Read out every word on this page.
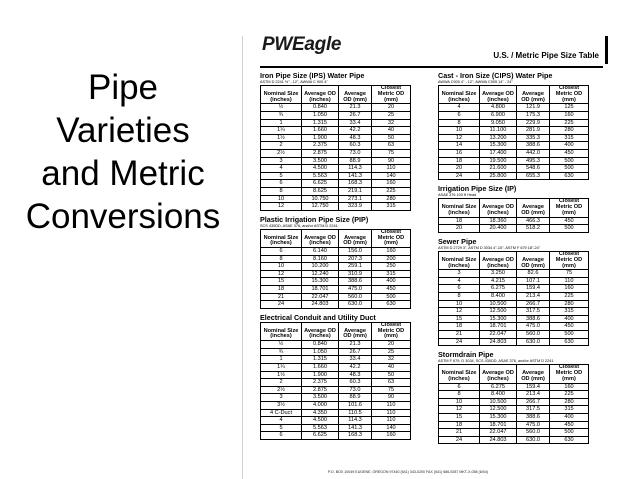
Pipe
Varieties
and Metric
Conversions
PWEagle
U.S. / Metric Pipe Size Table
Iron Pipe Size (IPS) Water Pipe
ASTM D 2241 ½" - 12", AWWA C 900 4"
Nominal Size (inches)	Average OD (inches)	Average OD (mm)	Closest Metric OD (mm)
½	0.840	21.3	20
¾	1.050	26.7	25
1	1.315	33.4	32
1¼	1.660	42.2	40
1½	1.900	48.3	50
2	2.375	60.3	63
2½	2.875	73.0	75
3	3.500	88.9	90
4	4.500	114.3	110
5	5.563	141.3	140
6	6.625	168.3	160
8	8.625	219.1	225
10	10.750	273.1	280
12	12.750	323.9	315
Plastic Irrigation Pipe Size (PIP)
SCS 430DD, ASAE 376, and/or ASTM D 2241
Nominal Size (inches)	Average OD (inches)	Average OD (mm)	Closest Metric OD (mm)
6	6.140	156.0	160
8	8.160	207.3	200
10	10.200	259.1	250
12	12.240	310.9	315
15	15.300	388.6	400
18	18.701	475.0	450
21	22.047	560.0	500
24	24.803	630.0	630
Electrical Conduit and Utility Duct
Nominal Size (inches)	Average OD (inches)	Average OD (mm)	Closest Metric OD (mm)
½	0.840	21.3	20
¾	1.050	26.7	25
1	1.315	33.4	32
1¼	1.660	42.2	40
1½	1.900	48.3	50
2	2.375	60.3	63
2½	2.875	73.0	75
3	3.500	88.9	90
3½	4.000	101.6	110
4 C-Duct	4.350	110.5	110
4	4.500	114.3	110
5	5.563	141.3	140
6	6.625	168.3	160
Cast - Iron Size (CIPS) Water Pipe
AWWA C900 4" - 12", AWWA C905 14" - 24"
Nominal Size (inches)	Average OD (inches)	Average OD (mm)	Closest Metric OD (mm)
4	4.800	121.9	125
6	6.900	175.3	160
8	9.050	229.9	225
10	11.100	281.9	280
12	13.200	335.3	315
14	15.300	388.6	400
16	17.400	442.0	450
18	19.500	495.3	500
20	21.600	548.6	500
24	25.800	655.3	630
Irrigation Pipe Size (IP)
ASAE 376 100 ft Head
Nominal Size (inches)	Average OD (inches)	Average OD (mm)	Closest Metric OD (mm)
18	18.360	466.3	450
20	20.400	518.2	500
Sewer Pipe
ASTM D 2729 3", ASTM D 3034 4"-15", ASTM F 679 18"-24"
Nominal Size (inches)	Average OD (inches)	Average OD (mm)	Closest Metric OD (mm)
3	3.250	82.6	75
4	4.215	107.1	110
6	6.275	159.4	160
8	8.400	213.4	225
10	10.500	266.7	280
12	12.500	317.5	315
15	15.300	388.6	400
18	18.701	475.0	450
21	22.047	560.0	500
24	24.803	630.0	630
Stormdrain Pipe
ASTM F 679, D 3034, SCS 430DD, ASAE 376, and/or ASTM D 2241
Nominal Size (inches)	Average OD (inches)	Average OD (mm)	Closest Metric OD (mm)
6	6.275	159.4	160
8	8.400	213.4	225
10	10.500	266.7	280
12	12.500	317.5	315
15	15.300	388.6	400
18	18.701	475.0	450
21	22.047	560.0	500
24	24.803	630.0	630
P.O. BOX 10049 EUGENE, OREGON 97440 (541) 343-0200 FAX (541) 686-9287 MKT-X-058 (6/04)
